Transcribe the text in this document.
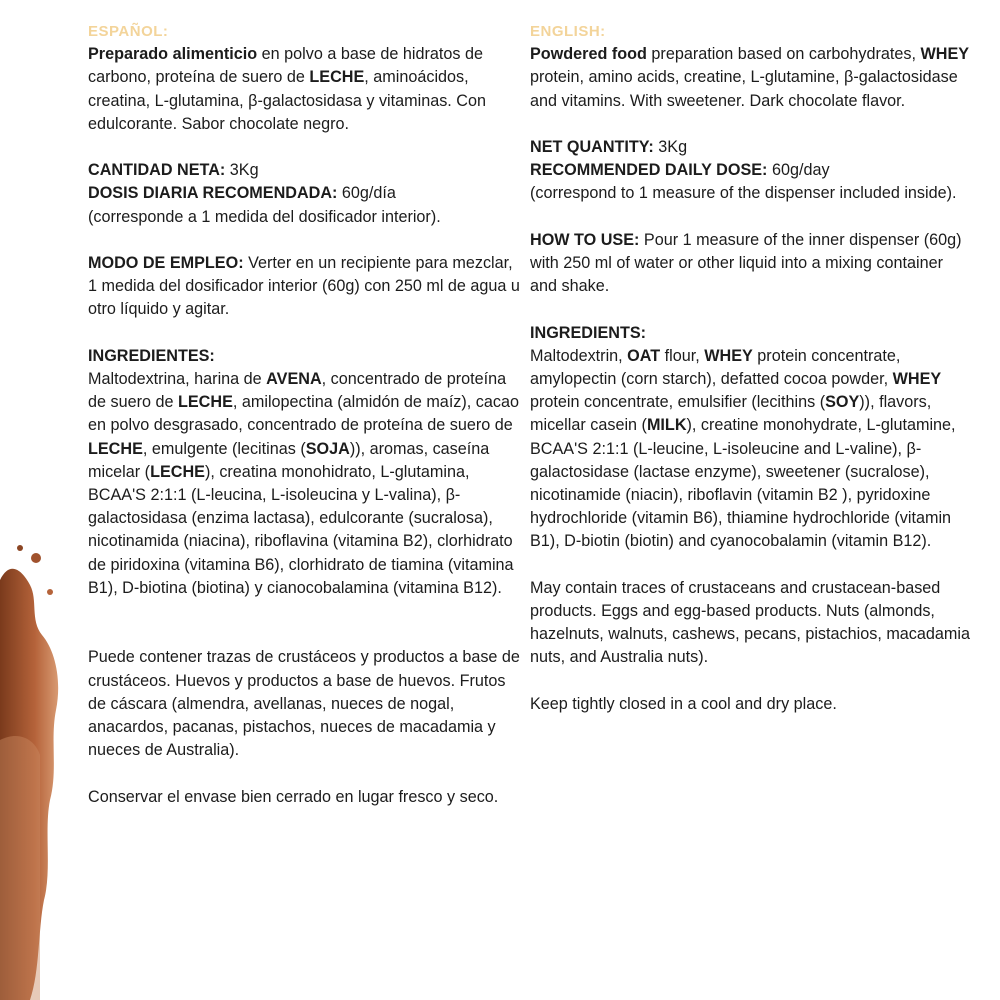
ESPAÑOL:

Preparado alimenticio en polvo a base de hidratos de carbono, proteína de suero de LECHE, aminoácidos, creatina, L-glutamina, β-galactosidasa y vitaminas. Con edulcorante. Sabor chocolate negro.

CANTIDAD NETA: 3Kg

DOSIS DIARIA RECOMENDADA: 60g/día

(corresponde a 1 medida del dosificador interior).

MODO DE EMPLEO: Verter en un recipiente para mezclar, 1 medida del dosificador interior (60g) con 250 ml de agua u otro líquido y agitar.

INGREDIENTES:

Maltodextrina, harina de AVENA, concentrado de proteína de suero de LECHE, amilopectina (almidón de maíz), cacao en polvo desgrasado, concentrado de proteína de suero de LECHE, emulgente (lecitinas (SOJA)), aromas, caseína micelar (LECHE), creatina monohidrato, L-glutamina, BCAA'S 2:1:1 (L-leucina, L-isoleucina y L-valina), β-galactosidasa (enzima lactasa), edulcorante (sucralosa), nicotinamida (niacina), riboflavina (vitamina B2), clorhidrato de piridoxina (vitamina B6), clorhidrato de tiamina (vitamina B1), D-biotina (biotina) y cianocobalamina (vitamina B12).

Puede contener trazas de crustáceos y productos a base de crustáceos. Huevos y productos a base de huevos. Frutos de cáscara (almendra, avellanas, nueces de nogal, anacardos, pacanas, pistachos, nueces de macadamia y nueces de Australia).

Conservar el envase bien cerrado en lugar fresco y seco.

ENGLISH:

Powdered food preparation based on carbohydrates, WHEY protein, amino acids, creatine, L-glutamine, β-galactosidase and vitamins. With sweetener. Dark chocolate flavor.

NET QUANTITY: 3Kg

RECOMMENDED DAILY DOSE: 60g/day

(correspond to 1 measure of the dispenser included inside).

HOW TO USE: Pour 1 measure of the inner dispenser (60g) with 250 ml of water or other liquid into a mixing container and shake.

INGREDIENTS:

Maltodextrin, OAT flour, WHEY protein concentrate, amylopectin (corn starch), defatted cocoa powder, WHEY protein concentrate, emulsifier (lecithins (SOY)), flavors, micellar casein (MILK), creatine monohydrate, L-glutamine, BCAA'S 2:1:1 (L-leucine, L-isoleucine and L-valine), β-galactosidase (lactase enzyme), sweetener (sucralose), nicotinamide (niacin), riboflavin (vitamin B2 ), pyridoxine hydrochloride (vitamin B6), thiamine hydrochloride (vitamin B1), D-biotin (biotin) and cyanocobalamin (vitamin B12).

May contain traces of crustaceans and crustacean-based products. Eggs and egg-based products. Nuts (almonds, hazelnuts, walnuts, cashews, pecans, pistachios, macadamia nuts, and Australia nuts).

Keep tightly closed in a cool and dry place.
